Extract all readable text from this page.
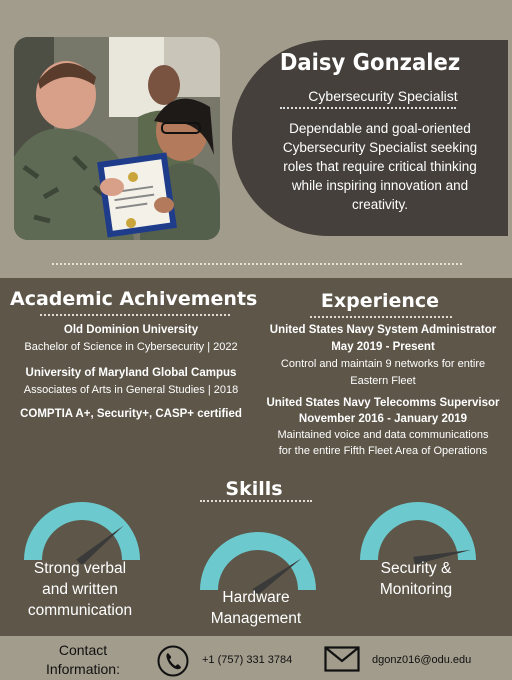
Daisy Gonzalez
Cybersecurity Specialist
Dependable and goal-oriented Cybersecurity Specialist seeking roles that require critical thinking while inspiring innovation and creativity.
Academic Achivements
Old Dominion University
Bachelor of Science in Cybersecurity | 2022
University of Maryland Global Campus
Associates of Arts in General Studies | 2018
COMPTIA A+, Security+, CASP+ certified
Experience
United States Navy System Administrator
May 2019 - Present
Control and maintain 9 networks for entire
Eastern Fleet
United States Navy Telecomms Supervisor
November 2016 - January 2019
Maintained voice and data communications
for the entire Fifth Fleet Area of Operations
Skills
Strong verbal
and written
communication
Hardware
Management
Security &
Monitoring
Contact
Information:
+1 (757) 331 3784	dgonz016@odu.edu
